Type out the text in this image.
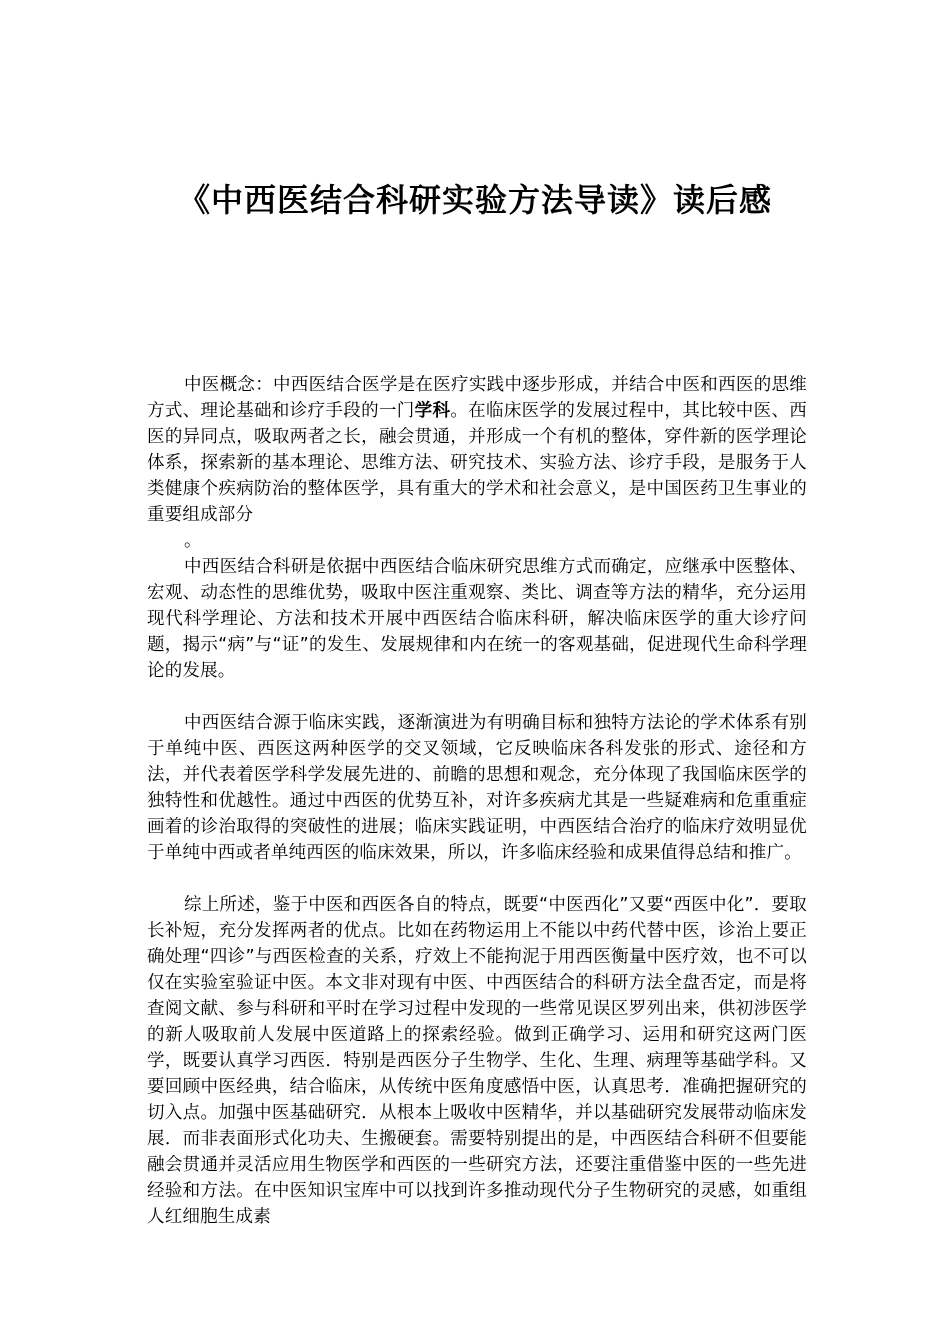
《中西医结合科研实验方法导读》读后感

中医概念：中西医结合医学是在医疗实践中逐步形成，并结合中医和西医的思维方式、理论基础和诊疗手段的一门学科。在临床医学的发展过程中，其比较中医、西医的异同点，吸取两者之长，融会贯通，并形成一个有机的整体，穿件新的医学理论体系，探索新的基本理论、思维方法、研究技术、实验方法、诊疗手段，是服务于人类健康个疾病防治的整体医学，具有重大的学术和社会意义，是中国医药卫生事业的重要组成部分

。

中西医结合科研是依据中西医结合临床研究思维方式而确定，应继承中医整体、宏观、动态性的思维优势，吸取中医注重观察、类比、调查等方法的精华，充分运用现代科学理论、方法和技术开展中西医结合临床科研，解决临床医学的重大诊疗问题，揭示“病”与“证”的发生、发展规律和内在统一的客观基础，促进现代生命科学理论的发展。

中西医结合源于临床实践，逐渐演进为有明确目标和独特方法论的学术体系有别于单纯中医、西医这两种医学的交叉领域，它反映临床各科发张的形式、途径和方法，并代表着医学科学发展先进的、前瞻的思想和观念，充分体现了我国临床医学的独特性和优越性。通过中西医的优势互补，对许多疾病尤其是一些疑难病和危重重症画着的诊治取得的突破性的进展；临床实践证明，中西医结合治疗的临床疗效明显优于单纯中西或者单纯西医的临床效果，所以，许多临床经验和成果值得总结和推广。

综上所述，鉴于中医和西医各自的特点，既要“中医西化”又要“西医中化”．要取长补短，充分发挥两者的优点。比如在药物运用上不能以中药代替中医，诊治上要正确处理“四诊”与西医检查的关系，疗效上不能拘泥于用西医衡量中医疗效，也不可以仅在实验室验证中医。本文非对现有中医、中西医结合的科研方法全盘否定，而是将查阅文献、参与科研和平时在学习过程中发现的一些常见误区罗列出来，供初涉医学的新人吸取前人发展中医道路上的探索经验。做到正确学习、运用和研究这两门医学，既要认真学习西医．特别是西医分子生物学、生化、生理、病理等基础学科。又要回顾中医经典，结合临床，从传统中医角度感悟中医，认真思考．准确把握研究的切入点。加强中医基础研究．从根本上吸收中医精华，并以基础研究发展带动临床发展．而非表面形式化功夫、生搬硬套。需要特别提出的是，中西医结合科研不但要能融会贯通并灵活应用生物医学和西医的一些研究方法，还要注重借鉴中医的一些先进经验和方法。在中医知识宝库中可以找到许多推动现代分子生物研究的灵感，如重组人红细胞生成素
